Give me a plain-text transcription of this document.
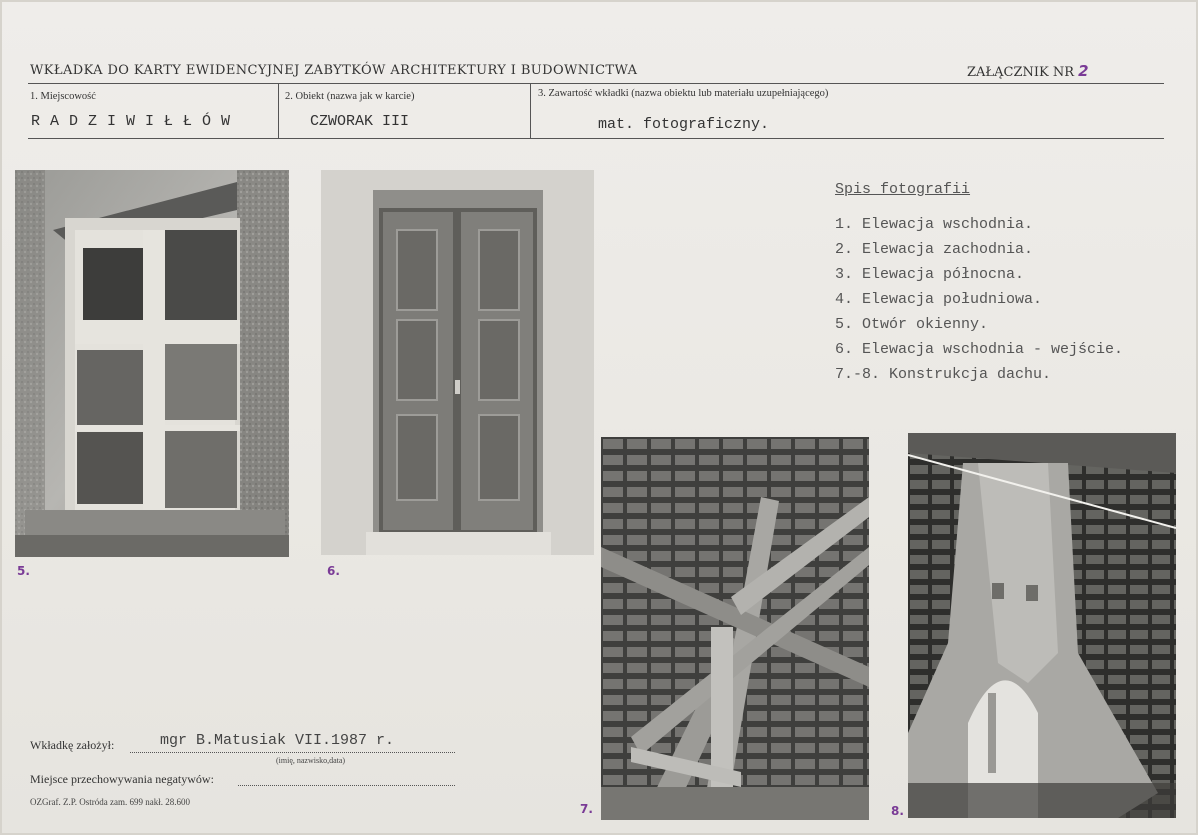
WKŁADKA DO KARTY EWIDENCYJNEJ ZABYTKÓW ARCHITEKTURY I BUDOWNICTWA	ZAŁĄCZNIK NR 2
1. Miejscowość
RADZIWIŁŁÓW
2. Obiekt (nazwa jak w karcie)
CZWORAK III
3. Zawartość wkładki (nazwa obiektu lub materiału uzupełniającego)
mat. fotograficzny.
5.	6.
7.	8.
Spis fotografii
1. Elewacja wschodnia.
2. Elewacja zachodnia.
3. Elewacja północna.
4. Elewacja południowa.
5. Otwór okienny.
6. Elewacja wschodnia - wejście.
7.-8. Konstrukcja dachu.
Wkładkę założył:	mgr B.Matusiak VII.1987 r.
(imię, nazwisko,data)
Miejsce przechowywania negatywów:
OZGraf. Z.P. Ostróda zam. 699 nakł. 28.600
